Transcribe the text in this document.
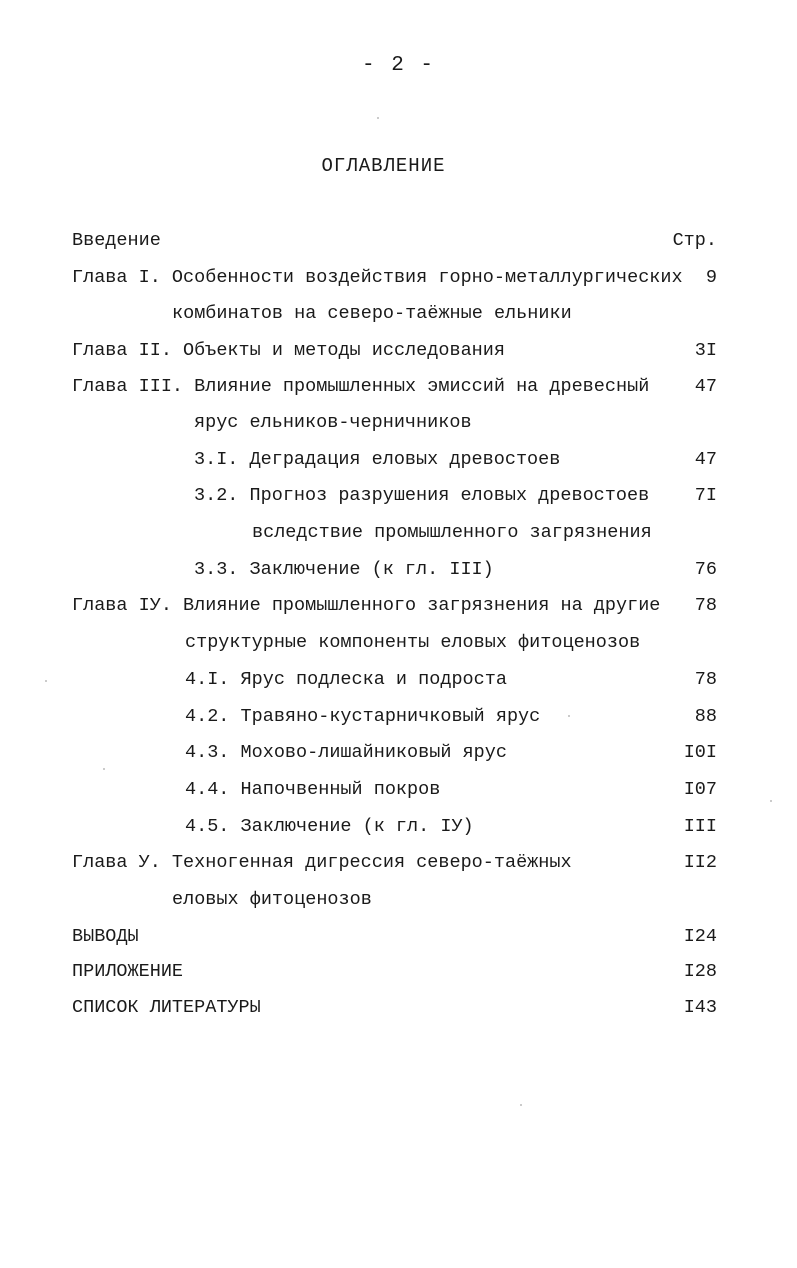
- 2 -
ОГЛАВЛЕНИЕ
Введение	Стр.
Глава I. Особенности воздействия горно-металлургических 9
комбинатов на северо-таёжные ельники
Глава II. Объекты и методы исследования	3I
Глава III. Влияние промышленных эмиссий на древесный 47
ярус ельников-черничников
3.I. Деградация еловых древостоев	47
3.2. Прогноз разрушения еловых древостоев 7I
вследствие промышленного загрязнения
3.3. Заключение (к гл. III)	76
Глава IУ. Влияние промышленного загрязнения на другие 78
структурные компоненты еловых фитоценозов
4.I. Ярус подлеска и подроста	78
4.2. Травяно-кустарничковый ярус	88
4.3. Мохово-лишайниковый ярус	I0I
4.4. Напочвенный покров	I07
4.5. Заключение (к гл. IУ)	III
Глава У. Техногенная дигрессия северо-таёжных	II2
еловых фитоценозов
ВЫВОДЫ	I24
ПРИЛОЖЕНИЕ	I28
СПИСОК ЛИТЕРАТУРЫ	I43
